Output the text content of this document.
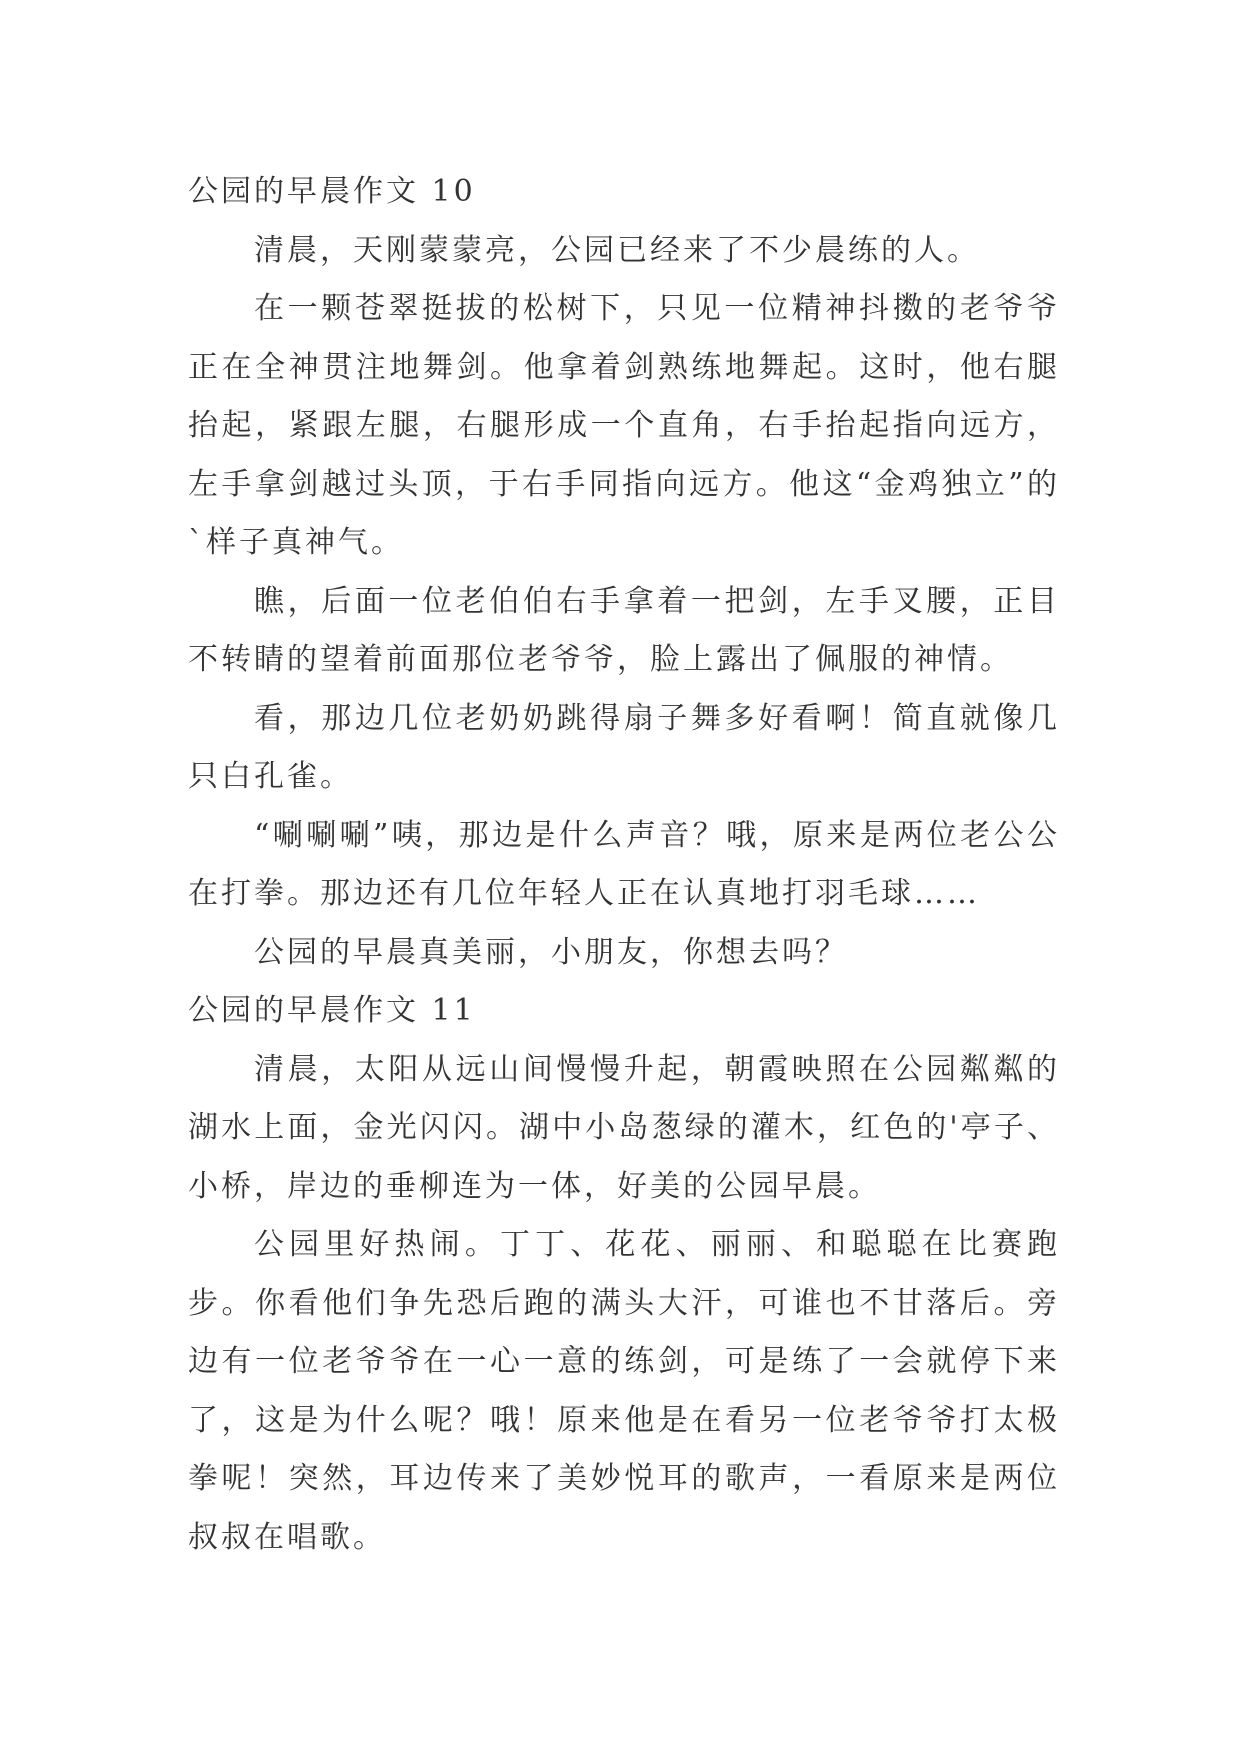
公园的早晨作文 10

清晨，天刚蒙蒙亮，公园已经来了不少晨练的人。

在一颗苍翠挺拔的松树下，只见一位精神抖擞的老爷爷正在全神贯注地舞剑。他拿着剑熟练地舞起。这时，他右腿抬起，紧跟左腿，右腿形成一个直角，右手抬起指向远方，左手拿剑越过头顶，于右手同指向远方。他这“金鸡独立”的`样子真神气。

瞧，后面一位老伯伯右手拿着一把剑，左手叉腰，正目不转睛的望着前面那位老爷爷，脸上露出了佩服的神情。

看，那边几位老奶奶跳得扇子舞多好看啊！简直就像几只白孔雀。

“唰唰唰”咦，那边是什么声音？哦，原来是两位老公公在打拳。那边还有几位年轻人正在认真地打羽毛球……

公园的早晨真美丽，小朋友，你想去吗？

公园的早晨作文 11

清晨，太阳从远山间慢慢升起，朝霞映照在公园粼粼的湖水上面，金光闪闪。湖中小岛葱绿的灌木，红色的'亭子、小桥，岸边的垂柳连为一体，好美的公园早晨。

公园里好热闹。丁丁、花花、丽丽、和聪聪在比赛跑步。你看他们争先恐后跑的满头大汗，可谁也不甘落后。旁边有一位老爷爷在一心一意的练剑，可是练了一会就停下来了，这是为什么呢？哦！原来他是在看另一位老爷爷打太极拳呢！突然，耳边传来了美妙悦耳的歌声，一看原来是两位叔叔在唱歌。
